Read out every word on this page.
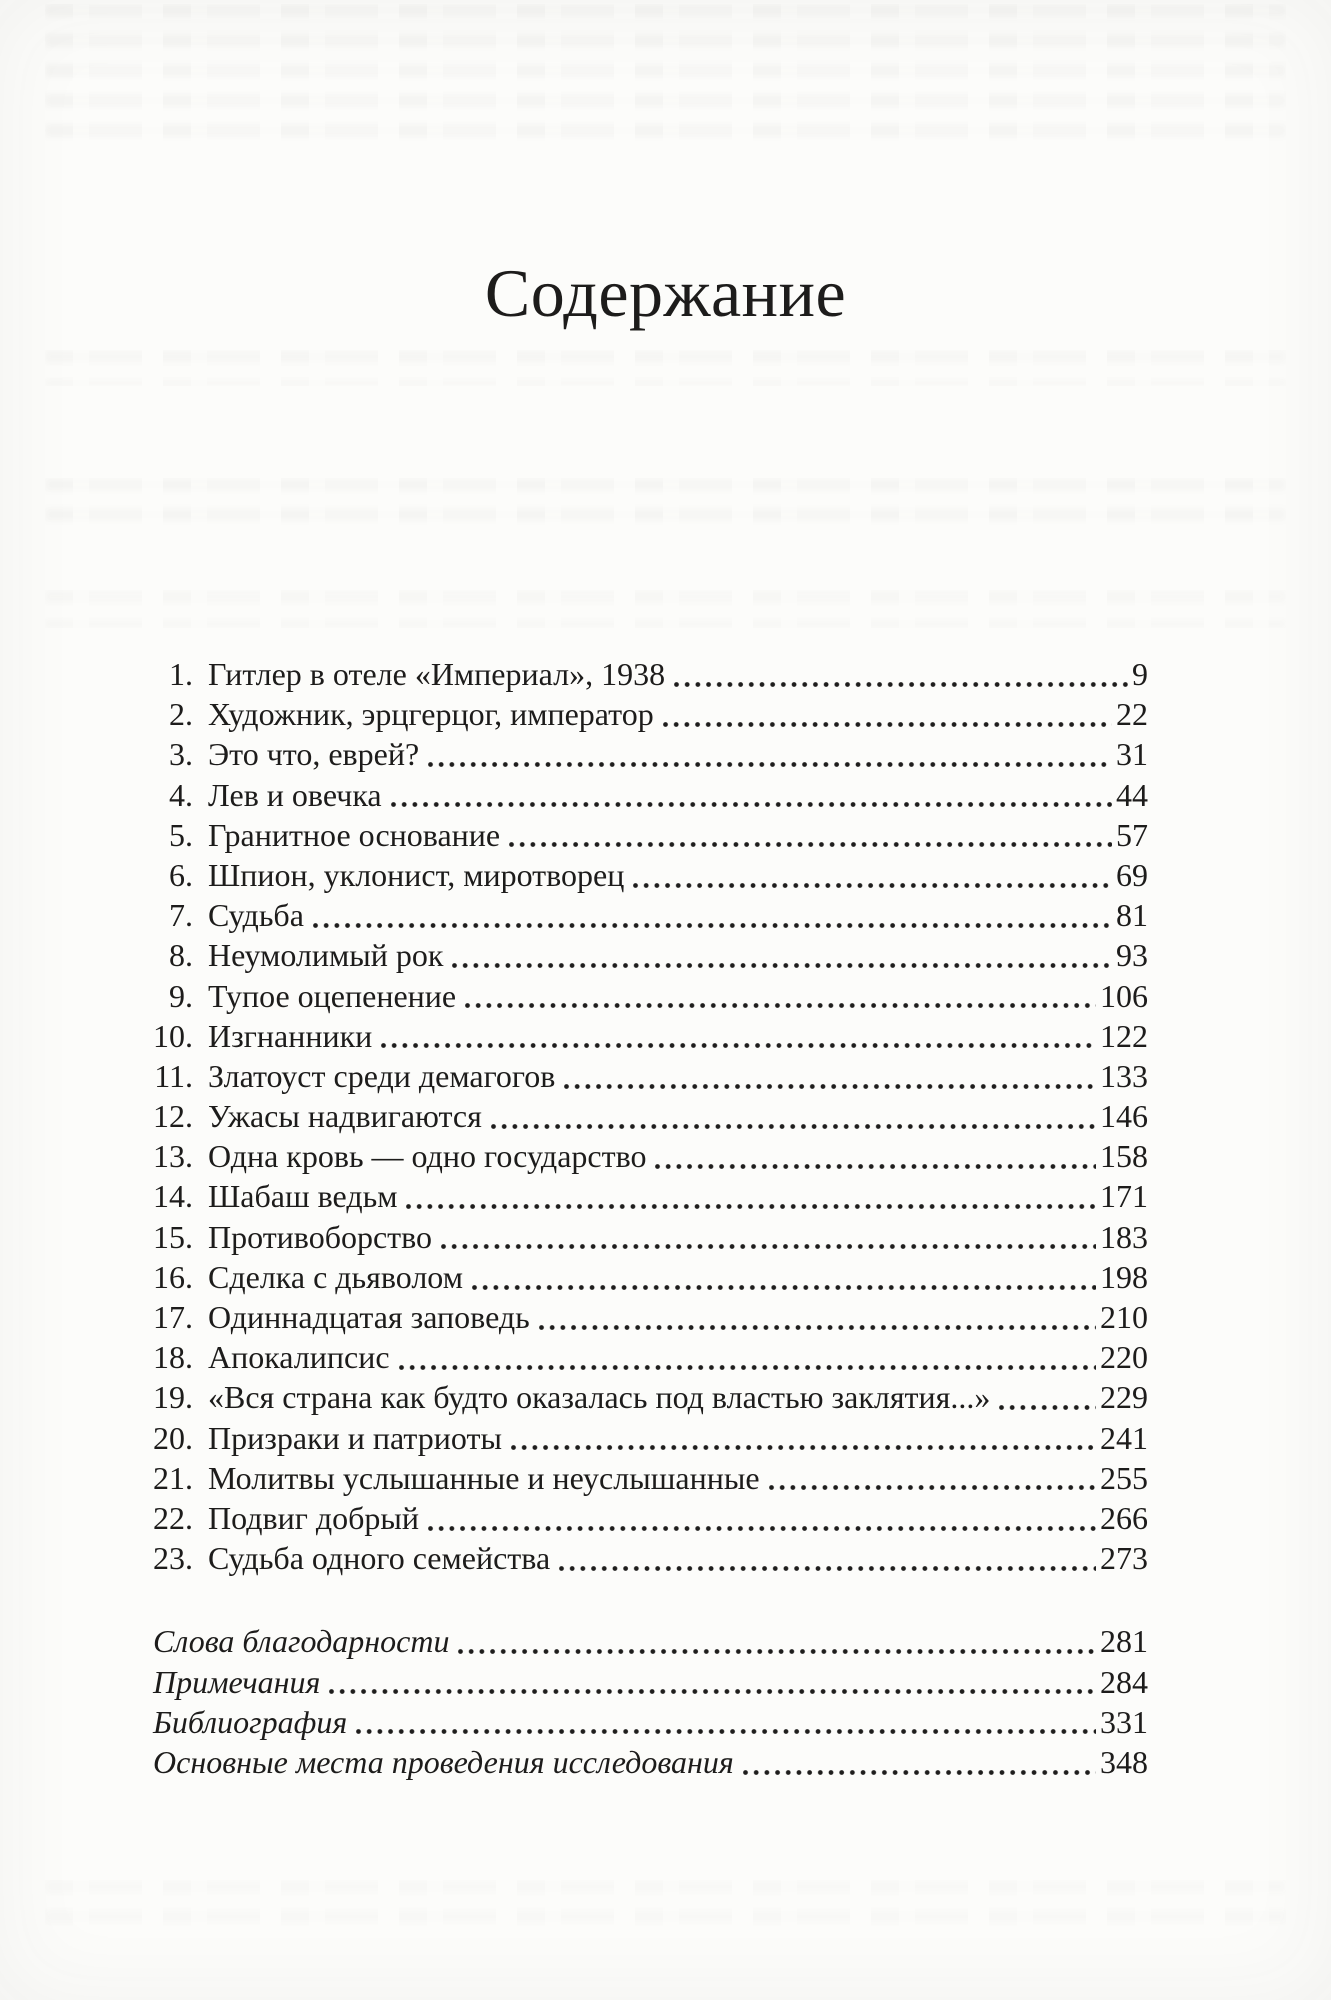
Содержание
1. Гитлер в отеле «Империал», 1938	9
2. Художник, эрцгерцог, император	22
3. Это что, еврей?	31
4. Лев и овечка	44
5. Гранитное основание	57
6. Шпион, уклонист, миротворец	69
7. Судьба	81
8. Неумолимый рок	93
9. Тупое оцепенение	106
10. Изгнанники	122
11. Златоуст среди демагогов	133
12. Ужасы надвигаются	146
13. Одна кровь — одно государство	158
14. Шабаш ведьм	171
15. Противоборство	183
16. Сделка с дьяволом	198
17. Одиннадцатая заповедь	210
18. Апокалипсис	220
19. «Вся страна как будто оказалась под властью заклятия...»	229
20. Призраки и патриоты	241
21. Молитвы услышанные и неуслышанные	255
22. Подвиг добрый	266
23. Судьба одного семейства	273
Слова благодарности	281
Примечания	284
Библиография	331
Основные места проведения исследования	348
